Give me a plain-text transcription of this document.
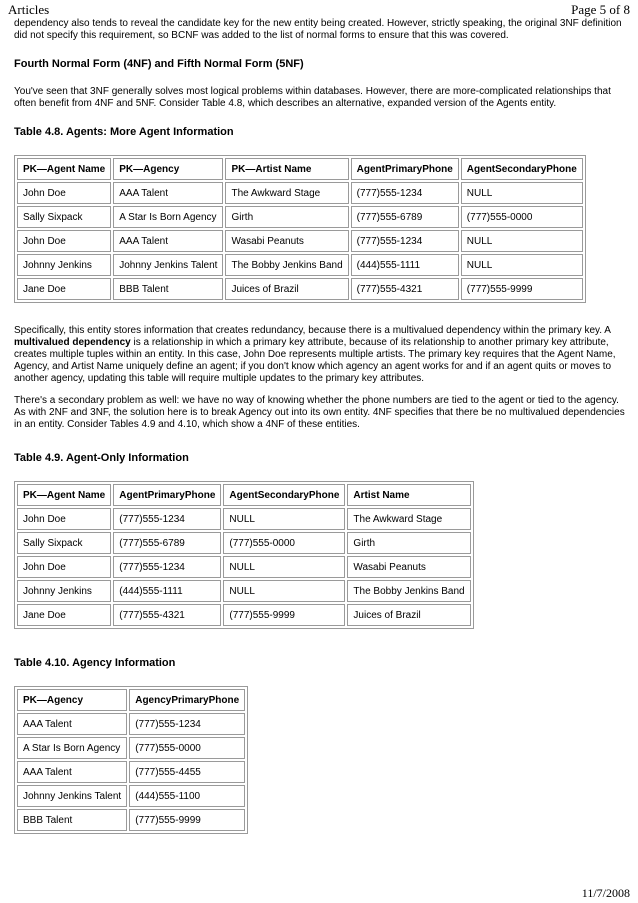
Articles	Page 5 of 8

dependency also tends to reveal the candidate key for the new entity being created. However, strictly speaking, the original 3NF definition did not specify this requirement, so BCNF was added to the list of normal forms to ensure that this was covered.

Fourth Normal Form (4NF) and Fifth Normal Form (5NF)

You've seen that 3NF generally solves most logical problems within databases. However, there are more-complicated relationships that often benefit from 4NF and 5NF. Consider Table 4.8, which describes an alternative, expanded version of the Agents entity.

Table 4.8. Agents: More Agent Information
PK—Agent Name	PK—Agency	PK—Artist Name	AgentPrimaryPhone	AgentSecondaryPhone
John Doe	AAA Talent	The Awkward Stage	(777)555-1234	NULL
Sally Sixpack	A Star Is Born Agency	Girth	(777)555-6789	(777)555-0000
John Doe	AAA Talent	Wasabi Peanuts	(777)555-1234	NULL
Johnny Jenkins	Johnny Jenkins Talent	The Bobby Jenkins Band	(444)555-1111	NULL
Jane Doe	BBB Talent	Juices of Brazil	(777)555-4321	(777)555-9999

Specifically, this entity stores information that creates redundancy, because there is a multivalued dependency within the primary key. A multivalued dependency is a relationship in which a primary key attribute, because of its relationship to another primary key attribute, creates multiple tuples within an entity. In this case, John Doe represents multiple artists. The primary key requires that the Agent Name, Agency, and Artist Name uniquely define an agent; if you don't know which agency an agent works for and if an agent quits or moves to another agency, updating this table will require multiple updates to the primary key attributes.

There's a secondary problem as well: we have no way of knowing whether the phone numbers are tied to the agent or tied to the agency. As with 2NF and 3NF, the solution here is to break Agency out into its own entity. 4NF specifies that there be no multivalued dependencies in an entity. Consider Tables 4.9 and 4.10, which show a 4NF of these entities.

Table 4.9. Agent-Only Information
PK—Agent Name	AgentPrimaryPhone	AgentSecondaryPhone	Artist Name
John Doe	(777)555-1234	NULL	The Awkward Stage
Sally Sixpack	(777)555-6789	(777)555-0000	Girth
John Doe	(777)555-1234	NULL	Wasabi Peanuts
Johnny Jenkins	(444)555-1111	NULL	The Bobby Jenkins Band
Jane Doe	(777)555-4321	(777)555-9999	Juices of Brazil
Table 4.10. Agency Information
PK—Agency	AgencyPrimaryPhone
AAA Talent	(777)555-1234
A Star Is Born Agency	(777)555-0000
AAA Talent	(777)555-4455
Johnny Jenkins Talent	(444)555-1100
BBB Talent	(777)555-9999
11/7/2008
